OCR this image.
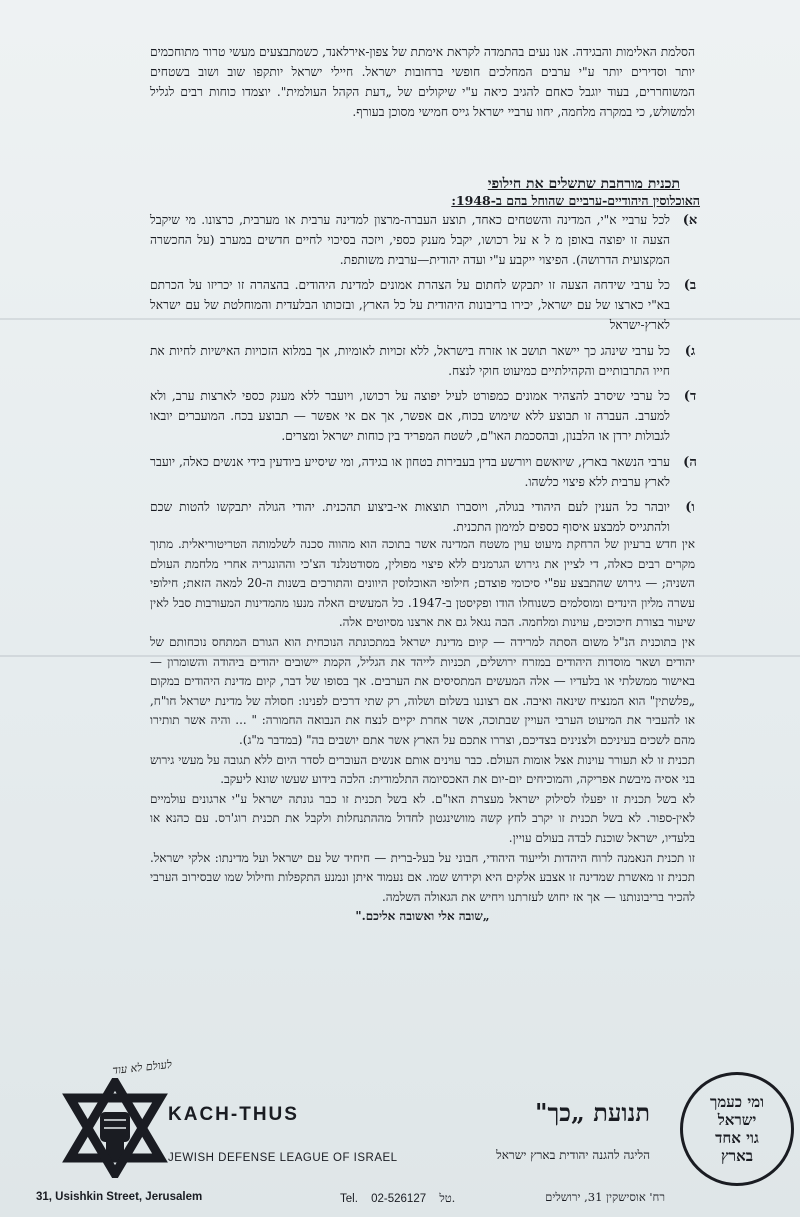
הסלמת האלימות והבגידה. אנו נעים בהתמדה לקראת אימתת של צפון-אירלאנד, כשמתבצעים מעשי טרור מתוחכמים יותר וסדירים יותר ע"י ערבים המחלכים חופשי ברחובות ישראל. חיילי ישראל יותקפו שוב ושוב בשטחים המשוחררים, בעוד יוגבל כאחם להגיב כיאה ע"י שיקולים של „דעת הקהל העולמית". יוצמדו כוחות רבים לגליל ולמשולש, כי במקרה מלחמה, יחוו ערביי ישראל גייס חמישי מסוכן בעורף.

תכנית מורחבת שתשלים את חילופי
האוכלוסין היהודיים-ערביים שהוחל בהם ב-1948:
א)
לכל ערביי א"י, המדינה והשטחים כאחד, תוצע העברה-מרצון למדינה ערבית או מערבית, כרצונו. מי שיקבל הצעה זו יפוצה באופן מ ל א על רכושו, יקבל מענק כספי, ויזכה בסיכוי לחיים חדשים במערב (על החכשרה המקצועית הדרושה). הפיצוי ייקבע ע"י ועדה יהודית—ערבית משותפת.
ב)
כל ערבי שידחה הצעה זו יתבקש לחתום על הצהרת אמונים למדינת היהודים. בהצהרה זו יכריזו על הכרתם בא"י כארצו של עם ישראל, יכירו בריבונות היהודית על כל הארץ, ובזכותו הבלעדית והמוחלטת של עם ישראל לארץ-ישראל
ג)
כל ערבי שינהג כך יישאר תושב או אזרח בישראל, ללא זכויות לאומיות, אך במלוא הזכויות האישיות לחיות את חייו התרבותיים והקהילתיים כמיעוט חוקי לנצח.
ד)
כל ערבי שיסרב להצהיר אמונים כמפורט לעיל יפוצה על רכושו, ויועבר ללא מענק כספי לארצות ערב, ולא למערב. העברה זו תבוצע ללא שימוש בכוח, אם אפשר, אך אם אי אפשר — תבוצע בכח. המועברים יובאו לגבולות ירדן או הלבנון, ובהסכמת האו"ם, לשטח המפריד בין כוחות ישראל ומצרים.
ה)
ערבי הנשאר בארץ, שיואשם ויורשע בדין בעבירות בטחון או בגידה, ומי שיסייע ביודעין בידי אנשים כאלה, יועבר לארץ ערבית ללא פיצוי כלשהו.
ו)
יובהר כל הענין לעם היהודי בגולה, ויוסברו תוצאות אי-ביצוע תהכנית. יהודי הגולה יתבקשו להטות שכם ולהתגייס למבצע איסוף כספים למימון התכנית.

אין חדש ברעיון של הרחקת מיעוט עוין משטח המדינה אשר בתוכה הוא מהווה סכנה לשלמותה הטריטוריאלית. מתוך מקרים רבים כאלה, די לציין את גירוש הגרמנים ללא פיצוי מפולין, מסודטנלנד הצ'כי וההונגריה אחרי מלחמת העולם השניה; — גירוש שהתבצע עפ"י סיכומי פוצדם; חילופי האוכלוסין היוונים והתורכים בשנות ה-20 למאה הזאת; חילופי עשרה מליון הינדים ומוסלמים כשנוחלו הודו ופקיסטן ב-1947. כל המעשים האלה מנעו מהמדינות המעורבות סבל לאין שיעור בצורת חיכוכים, עוינות ומלחמה. הבה נגאל גם את ארצנו מסיוטים אלה.

אין בתוכנית הנ"ל משום הסתה למרידה — קיום מדינת ישראל במתכונתה הנוכחית הוא הגורם המתחס נוכחותם של יהודים ושאר מוסדות היהודים במזרח ירושלים, תכניות לייהד את הגליל, הקמת יישובים יהודים ביהודה והשומרון — באישור ממשלתי או בלעדיו — אלה המעשים המתסיסים את הערבים. אך בסופו של דבר, קיום מדינת היהודים במקום „פלשתין" הוא המנציח שינאה ואיבה. אם רצוננו בשלום ושלוה, רק שתי דרכים לפנינו: חסולה של מדינת ישראל חו"ח, או להעביר את המיעוט הערבי העויין שבתוכה, אשר אחרת יקיים לנצח את הנבואה החמורה: " ... והיה אשר תותירו מהם לשכים בעיניכם ולצנינים בצדיכם, וצררו אתכם על הארץ אשר אתם יושבים בה" (במדבר מ"ג).

תכנית זו לא תעורר עוינות אצל אומות העולם. כבר עוינים אותם אנשים העוברים לסדר היום ללא תגובה על מעשי גירוש בני אסיה מיבשת אפריקה, והמוכיחים יום-יום את האכסיומה התלמודית: הלכה בידוע שעשו שונא ליעקב.

לא בשל תכנית זו יפעלו לסילוק ישראל מעצרת האו"ם. לא בשל תכנית זו כבר גונתה ישראל ע"י ארגונים עולמיים לאין-ספור. לא בשל תכנית זו יקרב לחץ קשה מוושינגטון לחדול מההתנחלות ולקבל את תכנית רוג'רס. עם כהנא או בלעדיו, ישראל שוכנת לבדה בעולם עויין.

זו תכנית הנאמנה לרוח היהדות ולייעוד היהודי, חבוני על בעל-ברית — חיחיד של עם ישראל ועל מדינתו: אלקי ישראל. תכנית זו מאשרת שמדינה זו אצבע אלקים היא וקידוש שמו. אם נעמוד איתן ונמנע התקפלות וחילול שמו שבסירוב הערבי להכיר בריבונותנו — אך אז יחוש לעזרתנו ויחיש את הגאולה השלמה.

„שובה אלי ואשובה אליכם."

לעולם לא עוד
KACH-THUS
JEWISH DEFENSE LEAGUE OF ISRAEL
תנועת „כך"
הליגה להגנה יהודית בארץ ישראל
31, Usishkin Street, Jerusalem	Tel. 02-526127 טל.	רח' אוסישקין 31, ירושלים
ומי כעמך
ישראל
גוי אחד
בארץ
